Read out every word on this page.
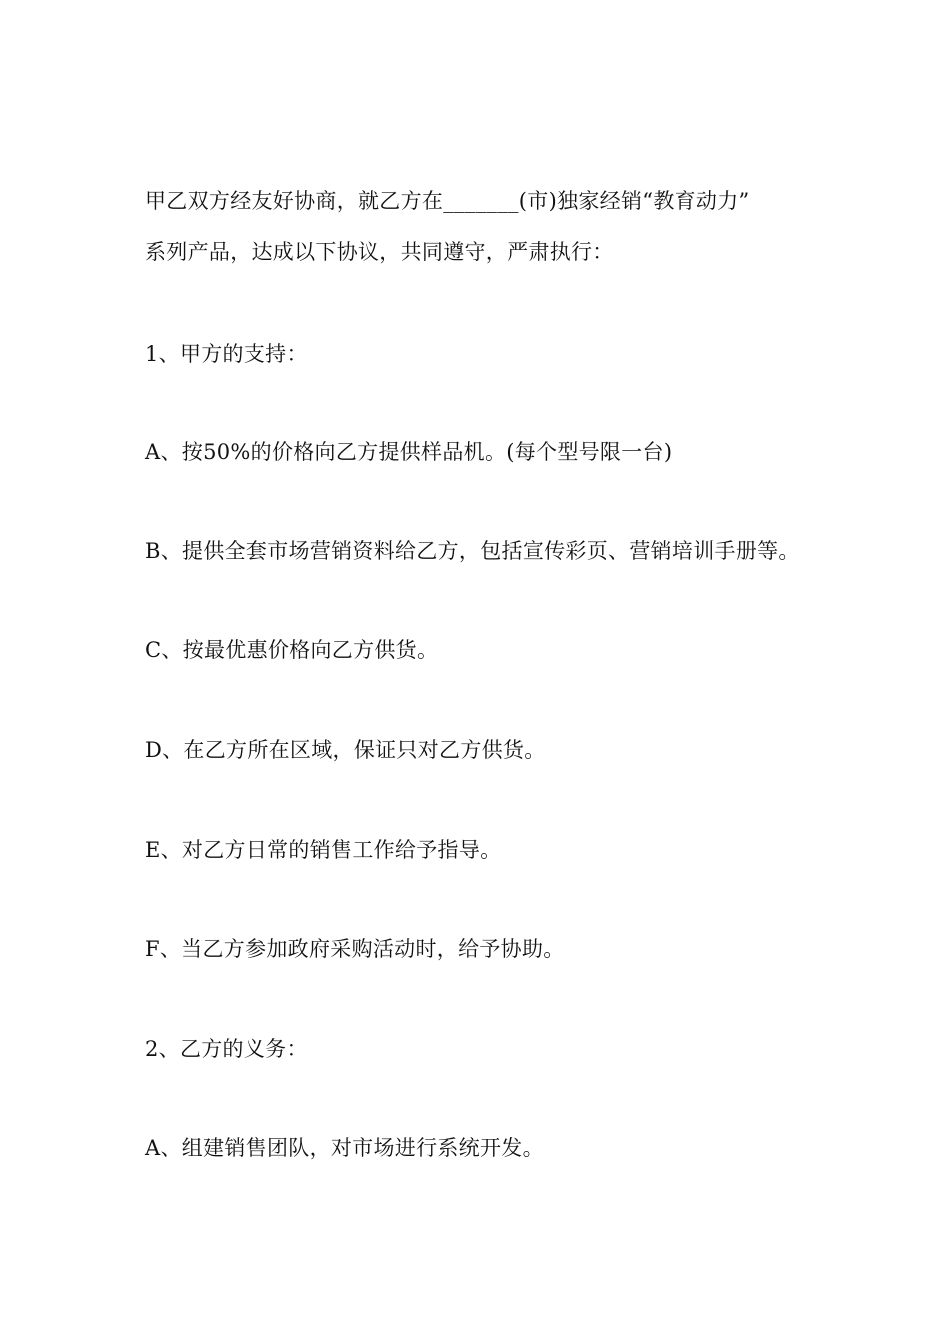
甲乙双方经友好协商，就乙方在_______(市)独家经销“教育动力”
系列产品，达成以下协议，共同遵守，严肃执行：
1、甲方的支持：
A、按50%的价格向乙方提供样品机。(每个型号限一台)
B、提供全套市场营销资料给乙方，包括宣传彩页、营销培训手册等。
C、按最优惠价格向乙方供货。
D、在乙方所在区域，保证只对乙方供货。
E、对乙方日常的销售工作给予指导。
F、当乙方参加政府采购活动时，给予协助。
2、乙方的义务：
A、组建销售团队，对市场进行系统开发。
